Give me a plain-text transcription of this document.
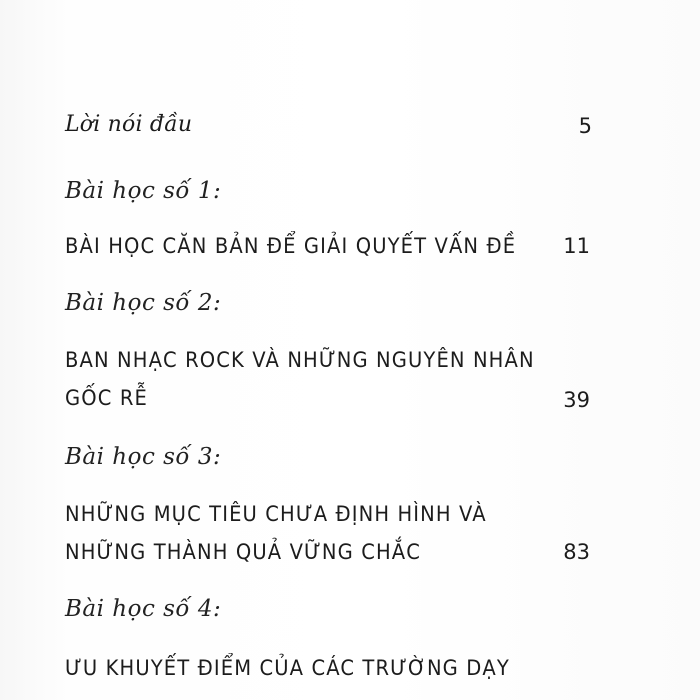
Lời nói đầu	5
Bài học số 1:
BÀI HỌC CĂN BẢN ĐỂ GIẢI QUYẾT VẤN ĐỀ	11
Bài học số 2:
BAN NHẠC ROCK VÀ NHỮNG NGUYÊN NHÂN
GỐC RỄ	39
Bài học số 3:
NHỮNG MỤC TIÊU CHƯA ĐỊNH HÌNH VÀ
NHỮNG THÀNH QUẢ VỮNG CHẮC	83
Bài học số 4:
ƯU KHUYẾT ĐIỂM CỦA CÁC TRƯỜNG DẠY
